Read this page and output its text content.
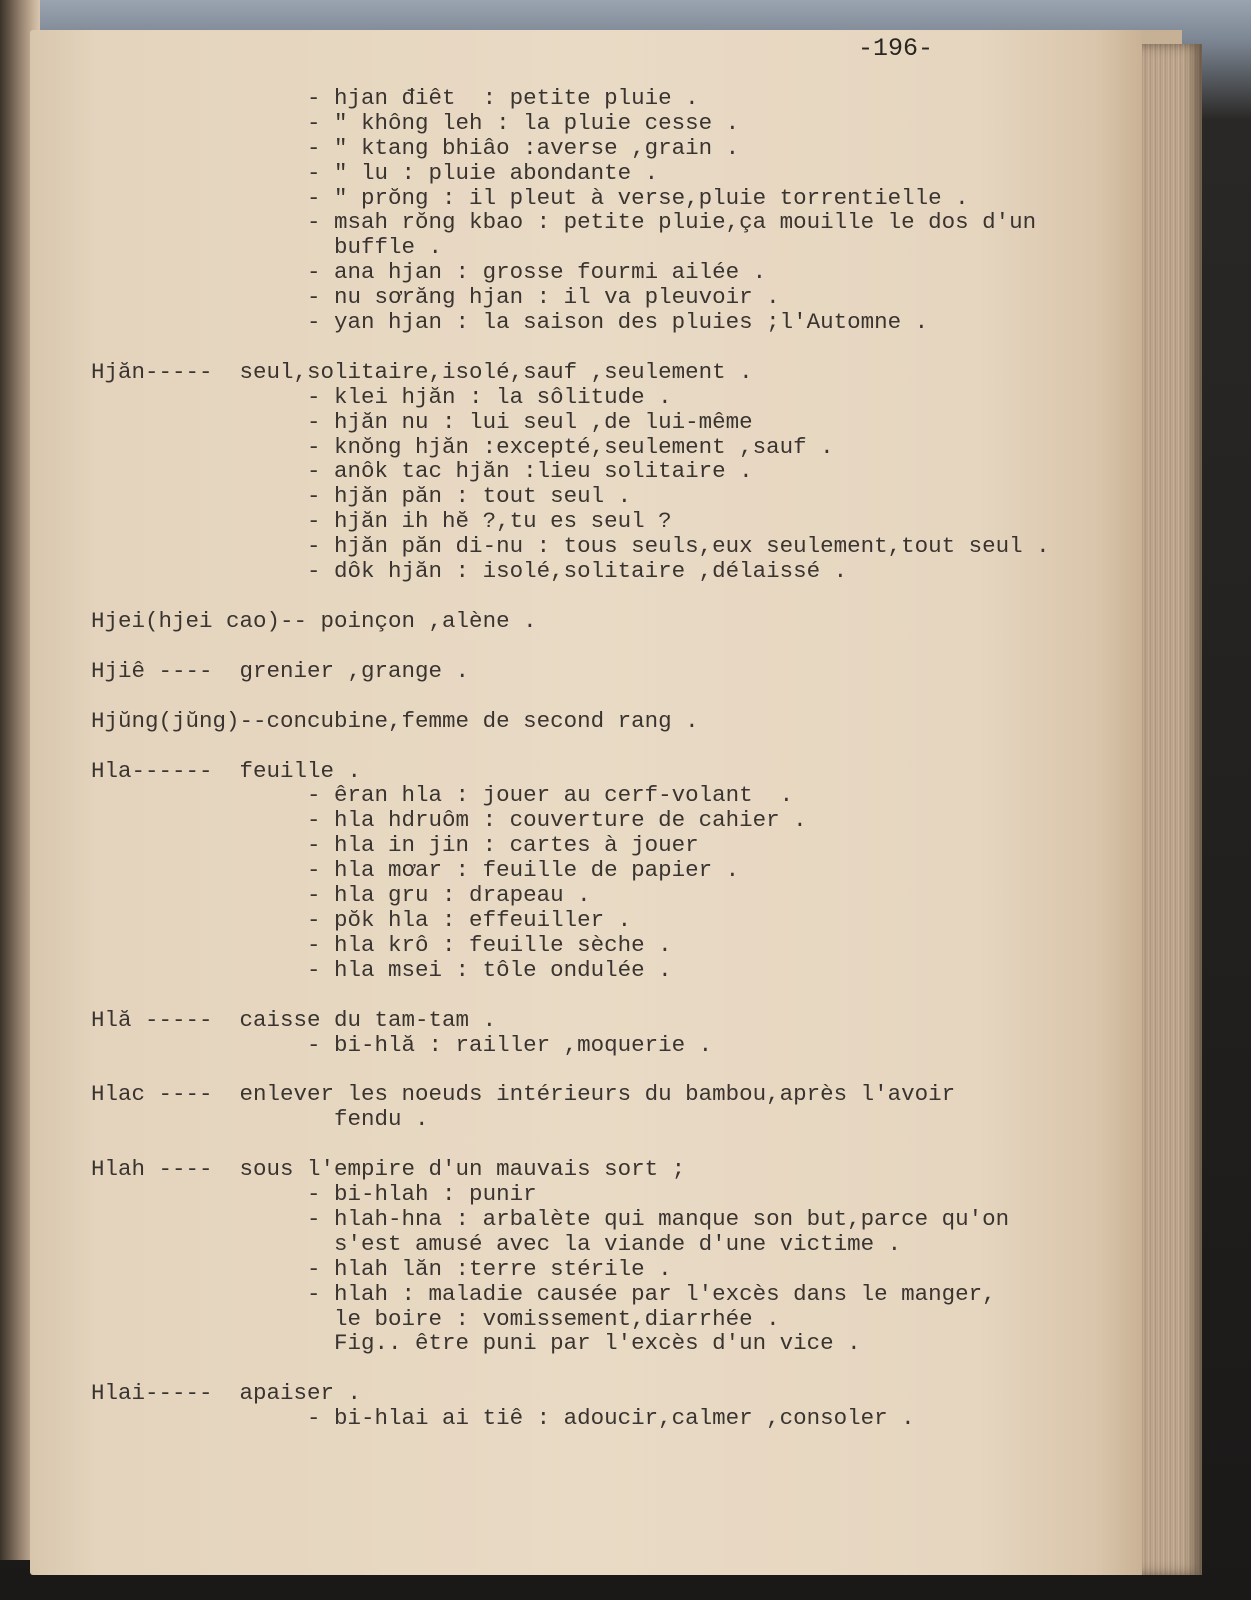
-196-
- hjan điêt  : petite pluie .
- " không leh : la pluie cesse .
- " ktang bhiâo :averse ,grain .
- " lu : pluie abondante .
- " prŏng : il pleut à verse,pluie torrentielle .
- msah rŏng kbao : petite pluie,ça mouille le dos d'un
buffle .
- ana hjan : grosse fourmi ailée .
- nu sơrăng hjan : il va pleuvoir .
- yan hjan : la saison des pluies ;l'Automne .
Hjăn-----  seul,solitaire,isolé,sauf ,seulement .
- klei hjăn : la sôlitude .
- hjăn nu : lui seul ,de lui-même
- knŏng hjăn :excepté,seulement ,sauf .
- anôk tac hjăn :lieu solitaire .
- hjăn păn : tout seul .
- hjăn ih hĕ ?,tu es seul ?
- hjăn păn di-nu : tous seuls,eux seulement,tout seul .
- dôk hjăn : isolé,solitaire ,délaissé .
Hjei(hjei cao)-- poinçon ,alène .
Hjiê ----  grenier ,grange .
Hjŭng(jŭng)--concubine,femme de second rang .
Hla------  feuille .
- êran hla : jouer au cerf-volant  .
- hla hdruôm : couverture de cahier .
- hla in jin : cartes à jouer
- hla mơar : feuille de papier .
- hla gru : drapeau .
- pŏk hla : effeuiller .
- hla krô : feuille sèche .
- hla msei : tôle ondulée .
Hlă -----  caisse du tam-tam .
- bi-hlă : railler ,moquerie .
Hlac ----  enlever les noeuds intérieurs du bambou,après l'avoir
fendu .
Hlah ----  sous l'empire d'un mauvais sort ;
- bi-hlah : punir
- hlah-hna : arbalète qui manque son but,parce qu'on
s'est amusé avec la viande d'une victime .
- hlah lăn :terre stérile .
- hlah : maladie causée par l'excès dans le manger,
le boire : vomissement,diarrhée .
Fig.. être puni par l'excès d'un vice .
Hlai-----  apaiser .
- bi-hlai ai tiê : adoucir,calmer ,consoler .
